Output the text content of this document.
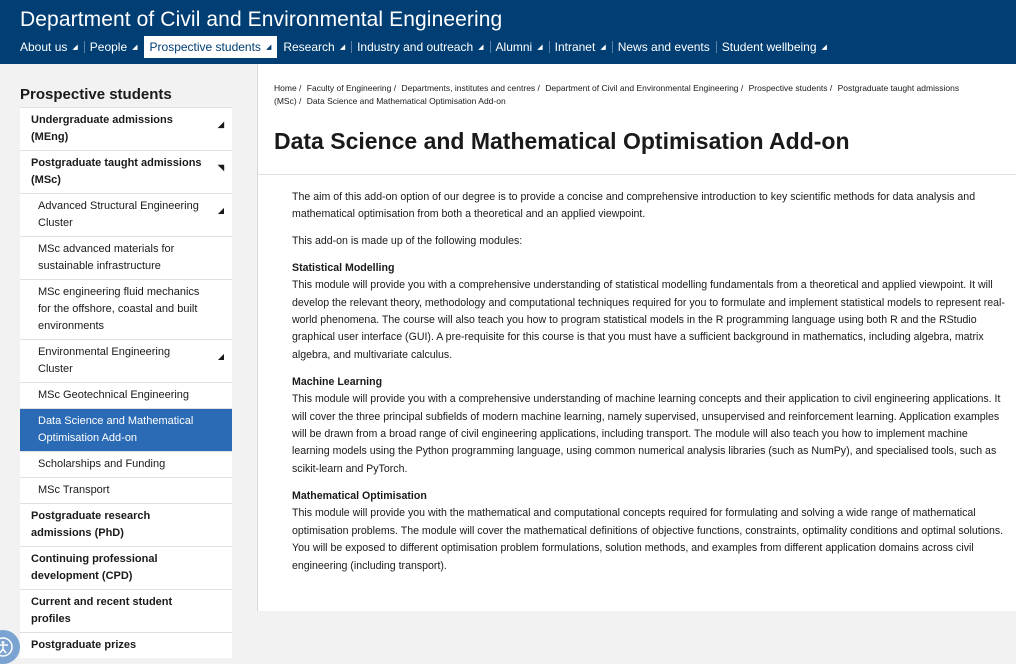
Department of Civil and Environmental Engineering
About us ◢ People ◢ Prospective students ◢ Research ◢ Industry and outreach ◢ Alumni ◢ Intranet ◢ News and events Student wellbeing ◢
Prospective students
Undergraduate admissions (MEng)
◢
Postgraduate taught admissions (MSc)
◥
Advanced Structural Engineering Cluster
◢
MSc advanced materials for sustainable infrastructure
MSc engineering fluid mechanics for the offshore, coastal and built environments
Environmental Engineering Cluster
◢
MSc Geotechnical Engineering
Data Science and Mathematical Optimisation Add-on
Scholarships and Funding
MSc Transport
Postgraduate research admissions (PhD)
Continuing professional development (CPD)
Current and recent student profiles
Postgraduate prizes
Home / Faculty of Engineering / Departments, institutes and centres / Department of Civil and Environmental Engineering / Prospective students / Postgraduate taught admissions (MSc) / Data Science and Mathematical Optimisation Add-on
Data Science and Mathematical Optimisation Add-on

The aim of this add-on option of our degree is to provide a concise and comprehensive introduction to key scientific methods for data analysis and mathematical optimisation from both a theoretical and an applied viewpoint.

This add-on is made up of the following modules:

Statistical Modelling

This module will provide you with a comprehensive understanding of statistical modelling fundamentals from a theoretical and applied viewpoint. It will develop the relevant theory, methodology and computational techniques required for you to formulate and implement statistical models to represent real-world phenomena. The course will also teach you how to program statistical models in the R programming language using both R and the RStudio graphical user interface (GUI). A pre-requisite for this course is that you must have a sufficient background in mathematics, including algebra, matrix algebra, and multivariate calculus.

Machine Learning

This module will provide you with a comprehensive understanding of machine learning concepts and their application to civil engineering applications. It will cover the three principal subfields of modern machine learning, namely supervised, unsupervised and reinforcement learning. Application examples will be drawn from a broad range of civil engineering applications, including transport. The module will also teach you how to implement machine learning models using the Python programming language, using common numerical analysis libraries (such as NumPy), and specialised tools, such as scikit-learn and PyTorch.

Mathematical Optimisation

This module will provide you with the mathematical and computational concepts required for formulating and solving a wide range of mathematical optimisation problems. The module will cover the mathematical definitions of objective functions, constraints, optimality conditions and optimal solutions. You will be exposed to different optimisation problem formulations, solution methods, and examples from different application domains across civil engineering (including transport).
